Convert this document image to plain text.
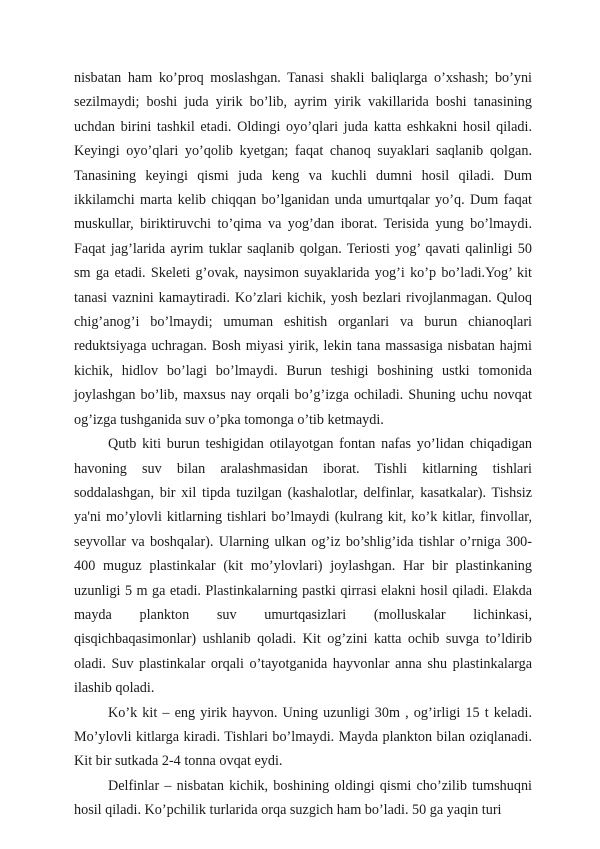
nisbatan ham ko’proq moslashgan. Tanasi shakli baliqlarga o’xshash; bo’yni sezilmaydi; boshi juda yirik bo’lib, ayrim yirik vakillarida boshi tanasining uchdan birini tashkil etadi. Oldingi oyo’qlari juda katta eshkakni hosil qiladi. Keyingi oyo’qlari yo’qolib kyetgan; faqat chanoq suyaklari saqlanib qolgan. Tanasining keyingi qismi juda keng va kuchli dumni hosil qiladi. Dum ikkilamchi marta kelib chiqqan bo’lganidan unda umurtqalar yo’q. Dum faqat muskullar, biriktiruvchi to’qima va yog’dan iborat. Terisida yung bo’lmaydi. Faqat jag’larida ayrim tuklar saqlanib qolgan. Teriosti yog’ qavati qalinligi 50 sm ga etadi. Skeleti g’ovak, naysimon suyaklarida yog’i ko’p bo’ladi.Yog’ kit tanasi vaznini kamaytiradi. Ko’zlari kichik, yosh bezlari rivojlanmagan. Quloq chig’anog’i bo’lmaydi; umuman eshitish organlari va burun chianoqlari reduktsiyaga uchragan. Bosh miyasi yirik, lekin tana massasiga nisbatan hajmi kichik, hidlov bo’lagi bo’lmaydi. Burun teshigi boshining ustki tomonida joylashgan bo’lib, maxsus nay orqali bo’g’izga ochiladi. Shuning uchu novqat og’izga tushganida suv o’pka tomonga o’tib ketmaydi.

Qutb kiti burun teshigidan otilayotgan fontan nafas yo’lidan chiqadigan havoning suv bilan aralashmasidan iborat. Tishli kitlarning tishlari soddalashgan, bir xil tipda tuzilgan (kashalotlar, delfinlar, kasatkalar). Tishsiz ya'ni mo’ylovli kitlarning tishlari bo’lmaydi (kulrang kit, ko’k kitlar, finvollar, seyvollar va boshqalar). Ularning ulkan og’iz bo’shlig’ida tishlar o’rniga 300-400 muguz plastinkalar (kit mo’ylovlari) joylashgan. Har bir plastinkaning uzunligi 5 m ga etadi. Plastinkalarning pastki qirrasi elakni hosil qiladi. Elakda mayda plankton suv umurtqasizlari (molluskalar lichinkasi, qisqichbaqasimonlar) ushlanib qoladi. Kit og’zini katta ochib suvga to’ldirib oladi. Suv plastinkalar orqali o’tayotganida hayvonlar anna shu plastinkalarga ilashib qoladi.

Ko’k kit – eng yirik hayvon. Uning uzunligi 30m , og’irligi 15 t keladi. Mo’ylovli kitlarga kiradi. Tishlari bo’lmaydi. Mayda plankton bilan oziqlanadi. Kit bir sutkada 2-4 tonna ovqat eydi.

Delfinlar – nisbatan kichik, boshining oldingi qismi cho’zilib tumshuqni hosil qiladi. Ko’pchilik turlarida orqa suzgich ham bo’ladi. 50 ga yaqin turi
